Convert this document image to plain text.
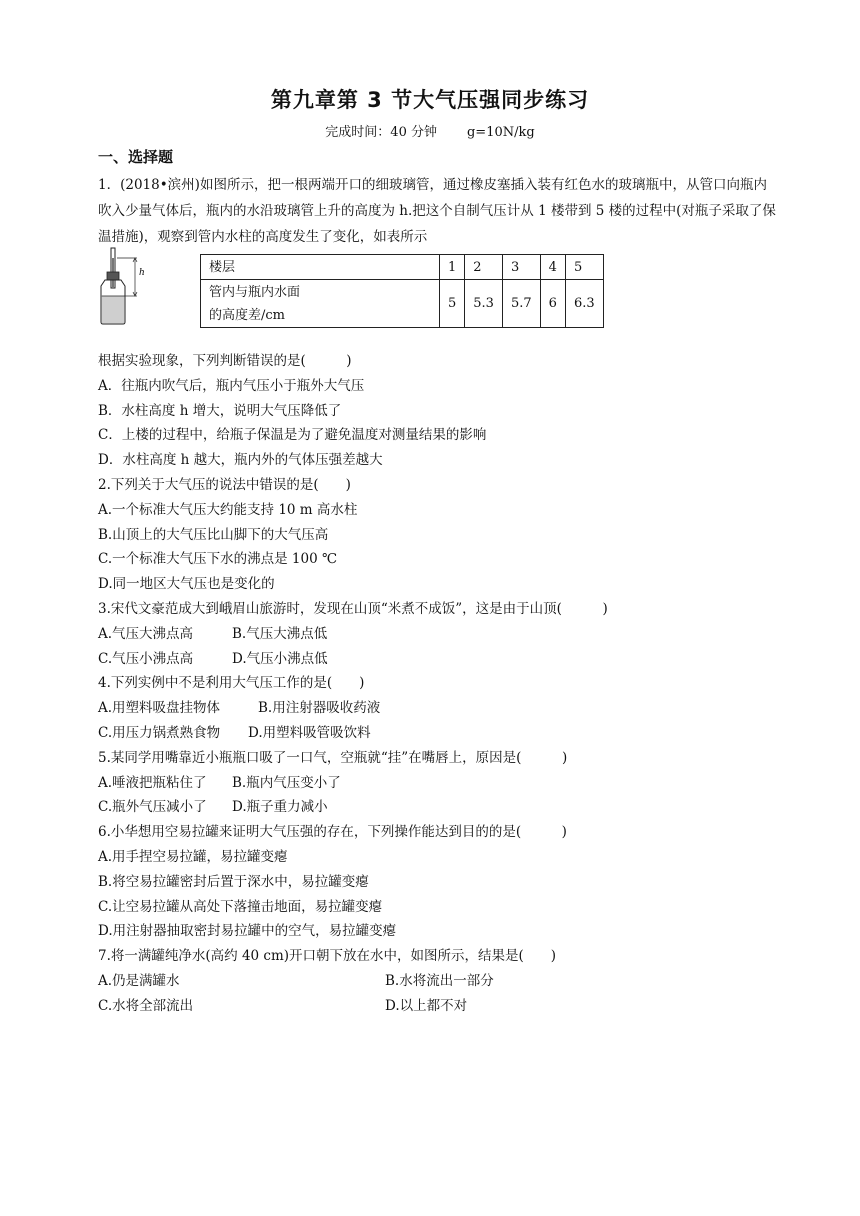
第九章第 3 节大气压强同步练习
完成时间：40 分钟 g=10N/kg
一、选择题
1．(2018•滨州)如图所示，把一根两端开口的细玻璃管，通过橡皮塞插入装有红色水的玻璃瓶中，从管口向瓶内吹入少量气体后，瓶内的水沿玻璃管上升的高度为 h.把这个自制气压计从 1 楼带到 5 楼的过程中(对瓶子采取了保温措施)，观察到管内水柱的高度发生了变化，如表所示
h	楼层	1	2	3	4	5

管内与瓶内水面
的高度差/cm	5	5.3	5.7	6	6.3
根据实验现象，下列判断错误的是(　　　)
A．往瓶内吹气后，瓶内气压小于瓶外大气压
B．水柱高度 h 增大，说明大气压降低了
C．上楼的过程中，给瓶子保温是为了避免温度对测量结果的影响
D．水柱高度 h 越大，瓶内外的气体压强差越大
2.下列关于大气压的说法中错误的是(　　)
A.一个标准大气压大约能支持 10 m 高水柱
B.山顶上的大气压比山脚下的大气压高
C.一个标准大气压下水的沸点是 100 ℃
D.同一地区大气压也是变化的
3.宋代文豪范成大到峨眉山旅游时，发现在山顶“米煮不成饭”，这是由于山顶(　　　)
A.气压大沸点高	B.气压大沸点低
C.气压小沸点高	D.气压小沸点低
4.下列实例中不是利用大气压工作的是(　　)
A.用塑料吸盘挂物体	B.用注射器吸收药液
C.用压力锅煮熟食物 D.用塑料吸管吸饮料
5.某同学用嘴靠近小瓶瓶口吸了一口气，空瓶就“挂”在嘴唇上，原因是(　　　)
A.唾液把瓶粘住了 B.瓶内气压变小了
C.瓶外气压减小了 D.瓶子重力减小
6.小华想用空易拉罐来证明大气压强的存在，下列操作能达到目的的是(　　　)
A.用手捏空易拉罐，易拉罐变瘪
B.将空易拉罐密封后置于深水中，易拉罐变瘪
C.让空易拉罐从高处下落撞击地面，易拉罐变瘪
D.用注射器抽取密封易拉罐中的空气，易拉罐变瘪
7.将一满罐纯净水(高约 40 cm)开口朝下放在水中，如图所示，结果是(　　)
A.仍是满罐水	B.水将流出一部分
C.水将全部流出	D.以上都不对
